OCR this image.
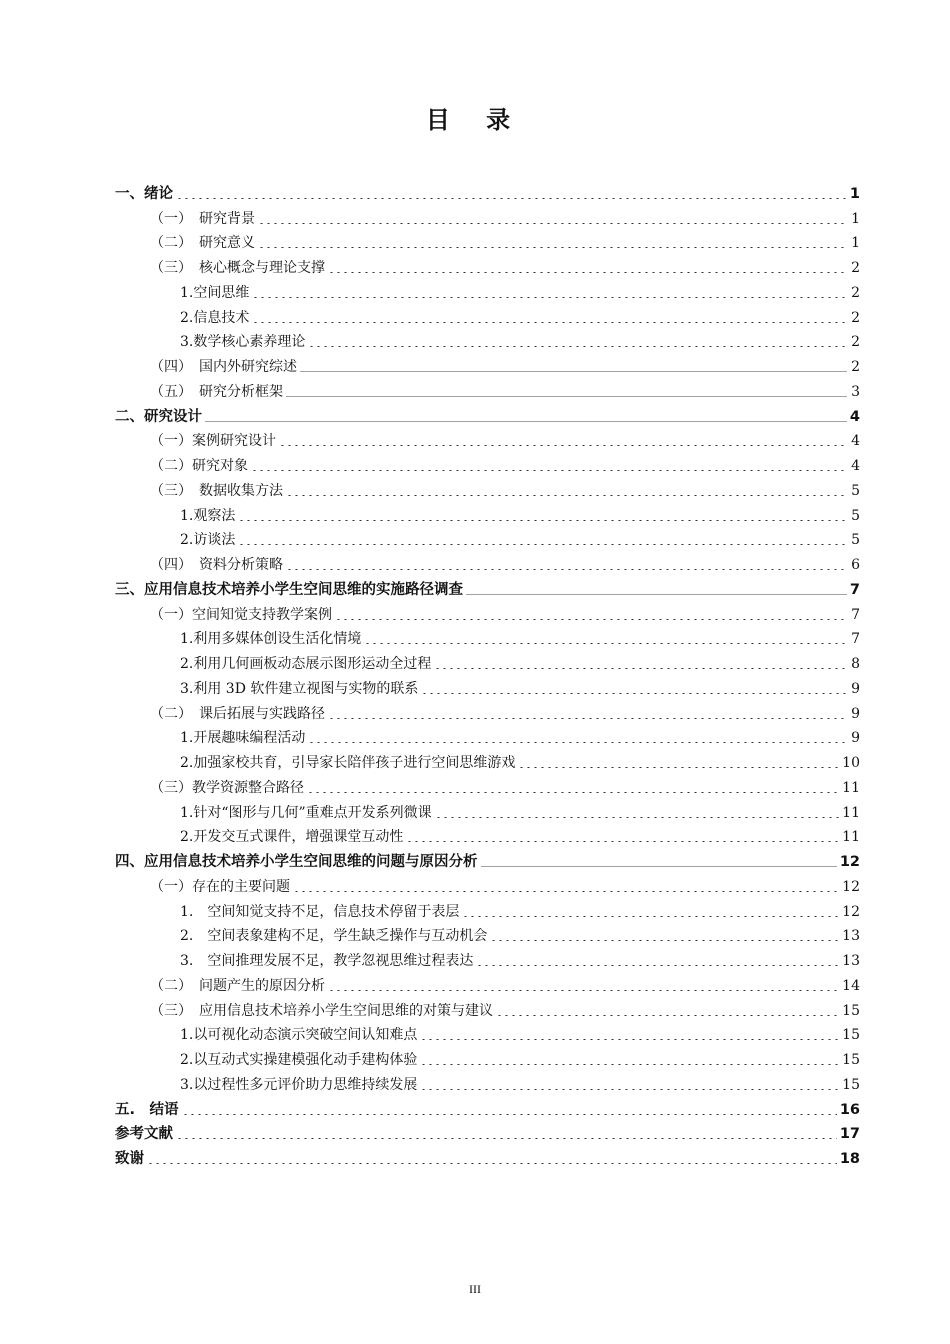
目 录
一、绪论	1
（一）　研究背景	1
（二）　研究意义	1
（三）　核心概念与理论支撑	2
1.空间思维	2
2.信息技术	2
3.数学核心素养理论	2
（四）　国内外研究综述	2
（五）　研究分析框架	3
二、研究设计	4
（一）案例研究设计	4
（二）研究对象	4
（三）　数据收集方法	5
1.观察法	5
2.访谈法	5
（四）　资料分析策略	6
三、应用信息技术培养小学生空间思维的实施路径调查	7
（一）空间知觉支持教学案例	7
1.利用多媒体创设生活化情境	7
2.利用几何画板动态展示图形运动全过程	8
3.利用 3D 软件建立视图与实物的联系	9
（二）　课后拓展与实践路径	9
1.开展趣味编程活动	9
2.加强家校共育，引导家长陪伴孩子进行空间思维游戏	10
（三）教学资源整合路径	11
1.针对“图形与几何”重难点开发系列微课	11
2.开发交互式课件，增强课堂互动性	11
四、应用信息技术培养小学生空间思维的问题与原因分析	12
（一）存在的主要问题	12
1.　空间知觉支持不足，信息技术停留于表层	12
2.　空间表象建构不足，学生缺乏操作与互动机会	13
3.　空间推理发展不足，教学忽视思维过程表达	13
（二）　问题产生的原因分析	14
（三）　应用信息技术培养小学生空间思维的对策与建议	15
1.以可视化动态演示突破空间认知难点	15
2.以互动式实操建模强化动手建构体验	15
3.以过程性多元评价助力思维持续发展	15
五.　结语	16
参考文献	17
致谢	18
III
